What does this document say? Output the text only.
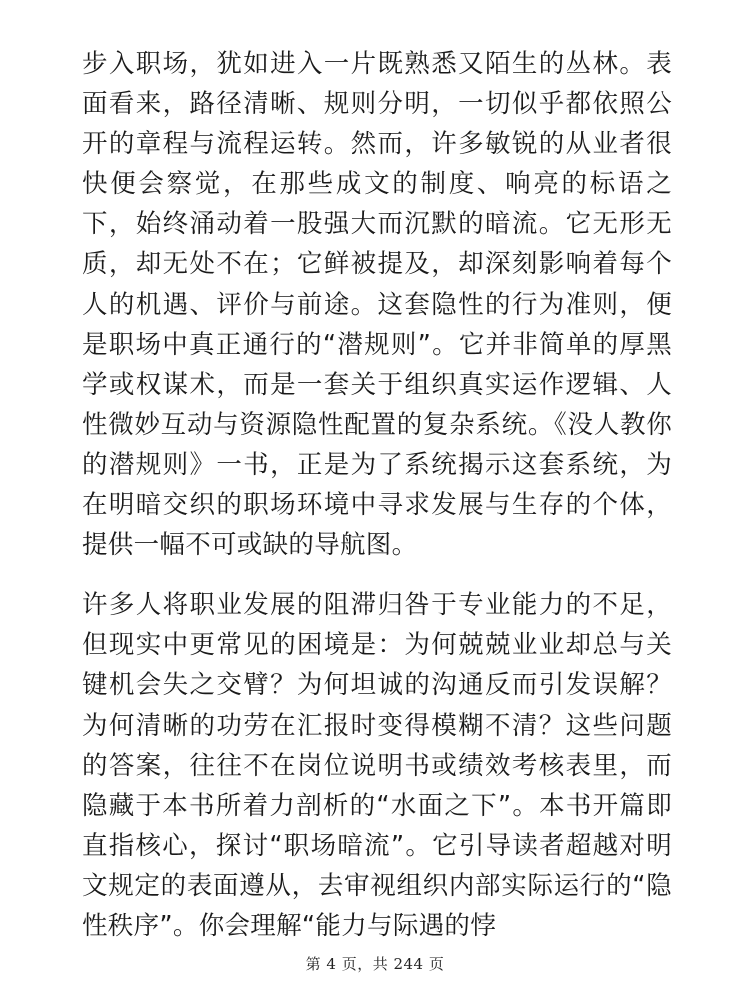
步入职场，犹如进入一片既熟悉又陌生的丛林。表面看来，路径清晰、规则分明，一切似乎都依照公开的章程与流程运转。然而，许多敏锐的从业者很快便会察觉，在那些成文的制度、响亮的标语之下，始终涌动着一股强大而沉默的暗流。它无形无质，却无处不在；它鲜被提及，却深刻影响着每个人的机遇、评价与前途。这套隐性的行为准则，便是职场中真正通行的“潜规则”。它并非简单的厚黑学或权谋术，而是一套关于组织真实运作逻辑、人性微妙互动与资源隐性配置的复杂系统。《没人教你的潜规则》一书，正是为了系统揭示这套系统，为在明暗交织的职场环境中寻求发展与生存的个体，提供一幅不可或缺的导航图。

许多人将职业发展的阻滞归咎于专业能力的不足，但现实中更常见的困境是：为何兢兢业业却总与关键机会失之交臂？为何坦诚的沟通反而引发误解？为何清晰的功劳在汇报时变得模糊不清？这些问题的答案，往往不在岗位说明书或绩效考核表里，而隐藏于本书所着力剖析的“水面之下”。本书开篇即直指核心，探讨“职场暗流”。它引导读者超越对明文规定的表面遵从，去审视组织内部实际运行的“隐性秩序”。你会理解“能力与际遇的悖

第 4 页，共 244 页
